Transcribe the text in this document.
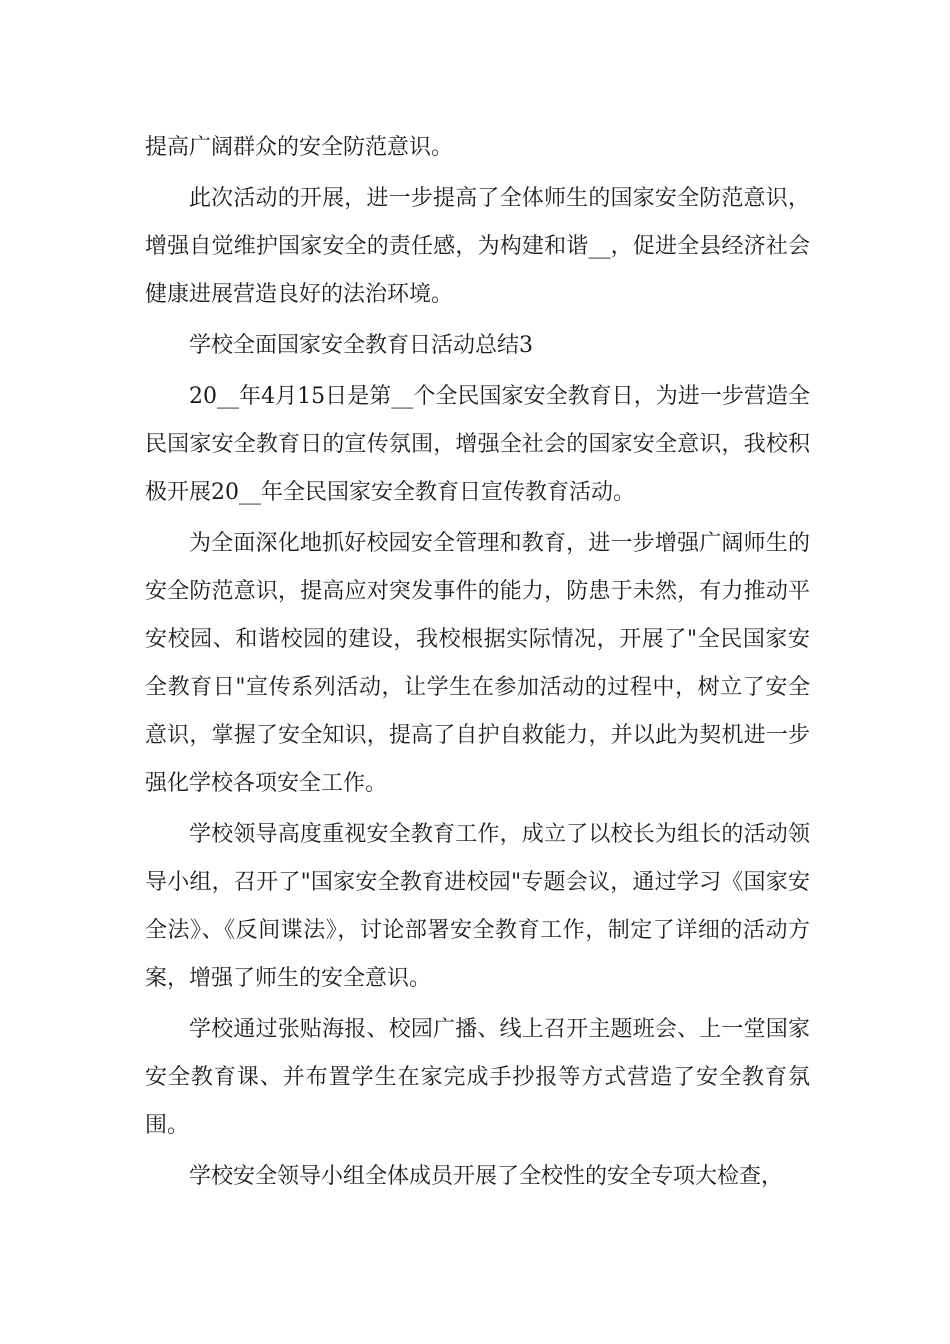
提高广阔群众的安全防范意识。

此次活动的开展，进一步提高了全体师生的国家安全防范意识，增强自觉维护国家安全的责任感，为构建和谐__，促进全县经济社会健康进展营造良好的法治环境。

学校全面国家安全教育日活动总结3

20__年4月15日是第__个全民国家安全教育日，为进一步营造全民国家安全教育日的宣传氛围，增强全社会的国家安全意识，我校积极开展20__年全民国家安全教育日宣传教育活动。

为全面深化地抓好校园安全管理和教育，进一步增强广阔师生的安全防范意识，提高应对突发事件的能力，防患于未然，有力推动平安校园、和谐校园的建设，我校根据实际情况，开展了"全民国家安全教育日"宣传系列活动，让学生在参加活动的过程中，树立了安全意识，掌握了安全知识，提高了自护自救能力，并以此为契机进一步强化学校各项安全工作。

学校领导高度重视安全教育工作，成立了以校长为组长的活动领导小组，召开了"国家安全教育进校园"专题会议，通过学习《国家安全法》、《反间谍法》，讨论部署安全教育工作，制定了详细的活动方案，增强了师生的安全意识。

学校通过张贴海报、校园广播、线上召开主题班会、上一堂国家安全教育课、并布置学生在家完成手抄报等方式营造了安全教育氛围。

学校安全领导小组全体成员开展了全校性的安全专项大检查，
